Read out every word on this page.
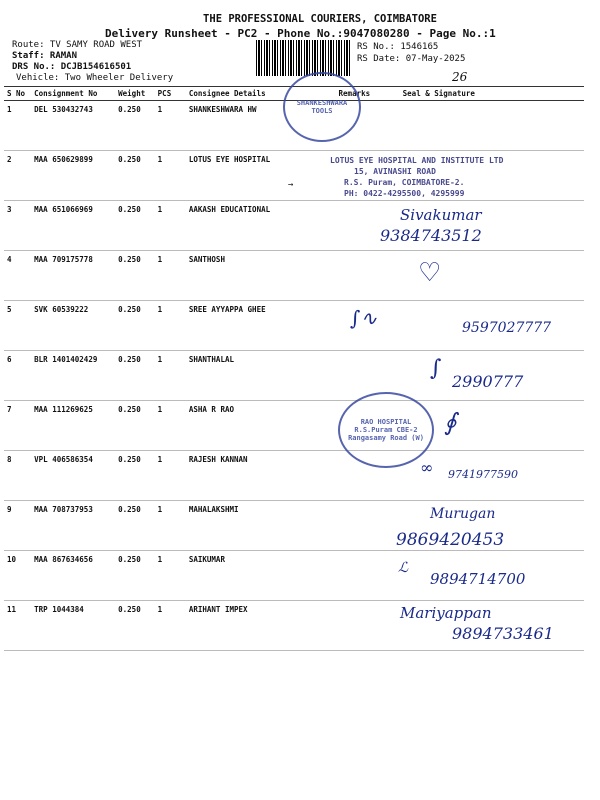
THE PROFESSIONAL COURIERS, COIMBATORE
Delivery Runsheet - PC2 - Phone No.:9047080280 - Page No.:1
Route: TV SAMY ROAD WEST
Staff: RAMAN
DRS No.: DCJB154616501
Vehicle: Two Wheeler Delivery
RS No.: 1546165
RS Date: 07-May-2025
26
S No	Consignment No	Weight	PCS	Consignee Details	Remarks	Seal & Signature
1	DEL 530432743	0.250	1	SHANKESHWARA HW		
2	MAA 650629899	0.250	1	LOTUS EYE HOSPITAL		
3	MAA 651066969	0.250	1	AAKASH EDUCATIONAL		
4	MAA 709175778	0.250	1	SANTHOSH		
5	SVK 60539222	0.250	1	SREE AYYAPPA GHEE		
6	BLR 1401402429	0.250	1	SHANTHALAL		
7	MAA 111269625	0.250	1	ASHA R RAO		
8	VPL 406586354	0.250	1	RAJESH KANNAN		
9	MAA 708737953	0.250	1	MAHALAKSHMI		
10	MAA 867634656	0.250	1	SAIKUMAR		
11	TRP 1044384	0.250	1	ARIHANT IMPEX		
SHANKESHWARA TOOLS
LOTUS EYE HOSPITAL AND INSTITUTE LTD
15, AVINASHI ROAD
R.S. Puram, COIMBATORE-2.
PH: 0422-4295500, 4295999
Sivakumar
9384743512
♡
∫∿	9597027777
∫
2990777
RAO HOSPITAL R.S.Puram CBE-2 Rangasamy Road (W)
∮
∞ 9741977590
Murugan
9869420453
ℒ
9894714700
Mariyappan
9894733461
→
